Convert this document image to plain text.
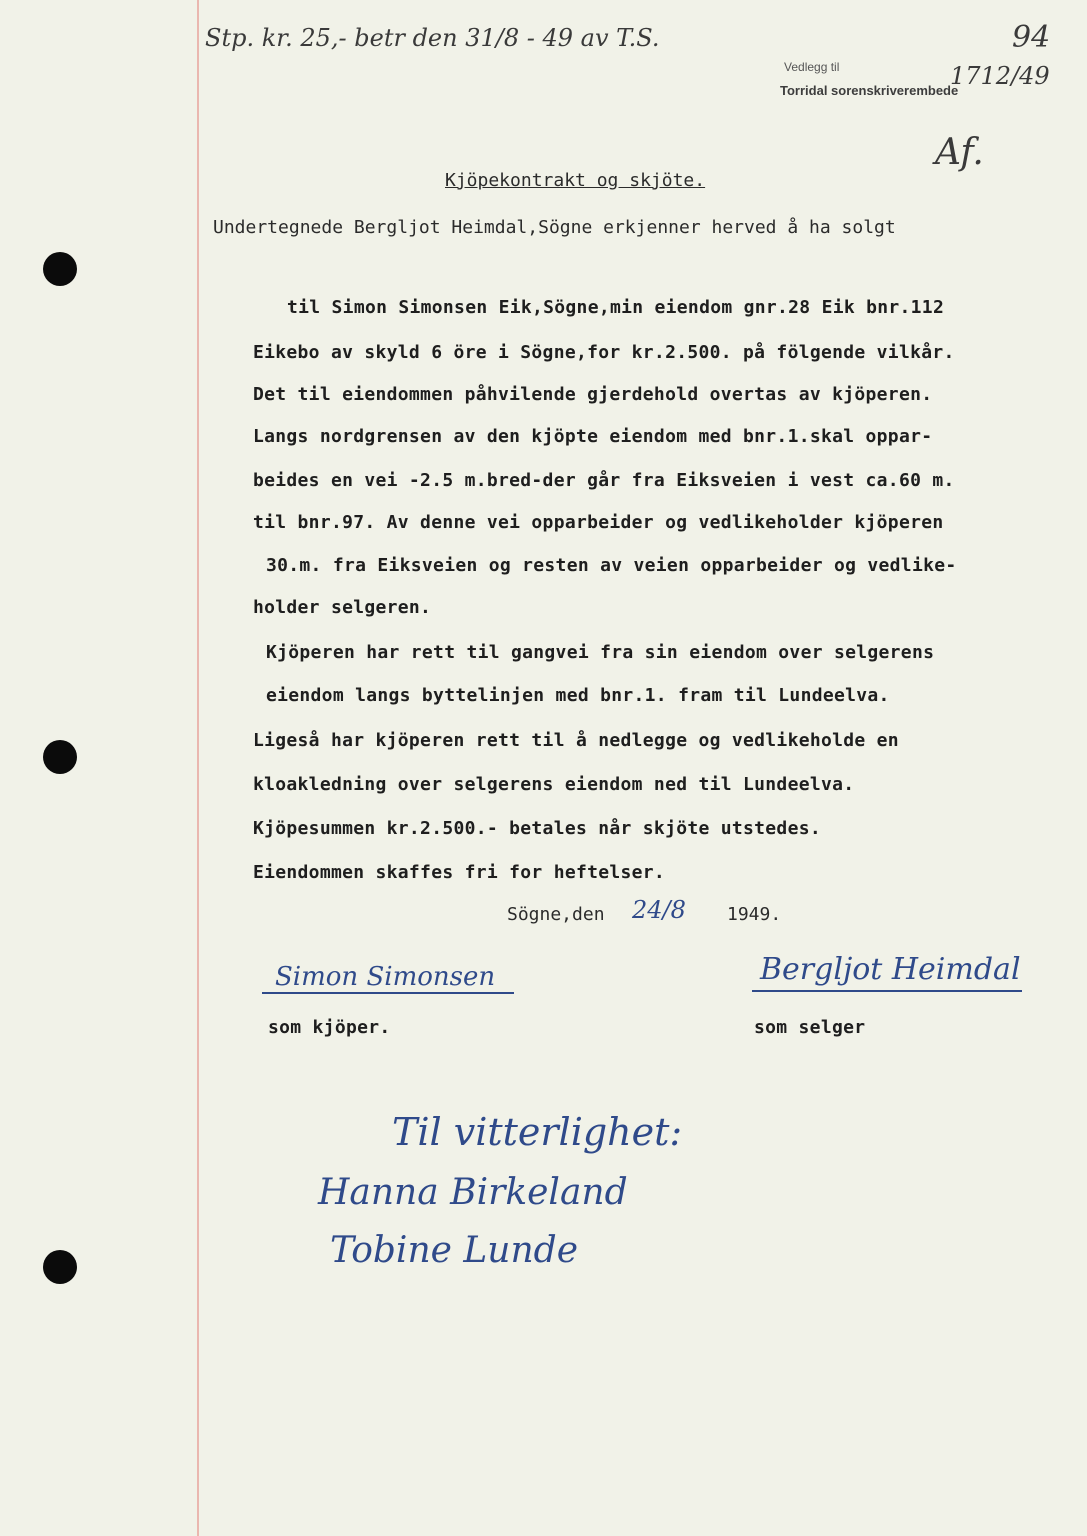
Stp. kr. 25,- betr den 31/8 - 49 av T.S.	94
1712/49
Vedlegg til
Torridal sorenskriverembede
Af.
Kjöpekontrakt og skjöte.
Undertegnede Bergljot Heimdal,Sögne erkjenner herved å ha solgt
til Simon Simonsen Eik,Sögne,min eiendom gnr.28 Eik bnr.112
Eikebo av skyld 6 öre i Sögne,for kr.2.500. på fölgende vilkår.
Det til eiendommen påhvilende gjerdehold overtas av kjöperen.
Langs nordgrensen av den kjöpte eiendom med bnr.1.skal oppar-
beides en vei -2.5 m.bred-der går fra Eiksveien i vest ca.60 m.
til bnr.97. Av denne vei opparbeider og vedlikeholder kjöperen
30.m. fra Eiksveien og resten av veien opparbeider og vedlike-
holder selgeren.
Kjöperen har rett til gangvei fra sin eiendom over selgerens
eiendom langs byttelinjen med bnr.1. fram til Lundeelva.
Ligeså har kjöperen rett til å nedlegge og vedlikeholde en
kloakledning over selgerens eiendom ned til Lundeelva.
Kjöpesummen kr.2.500.- betales når skjöte utstedes.
Eiendommen skaffes fri for heftelser.
Sögne,den 24/8 1949.
Simon Simonsen
som kjöper.
Bergljot Heimdal
som selger
Til vitterlighet:
Hanna Birkeland
Tobine Lunde
